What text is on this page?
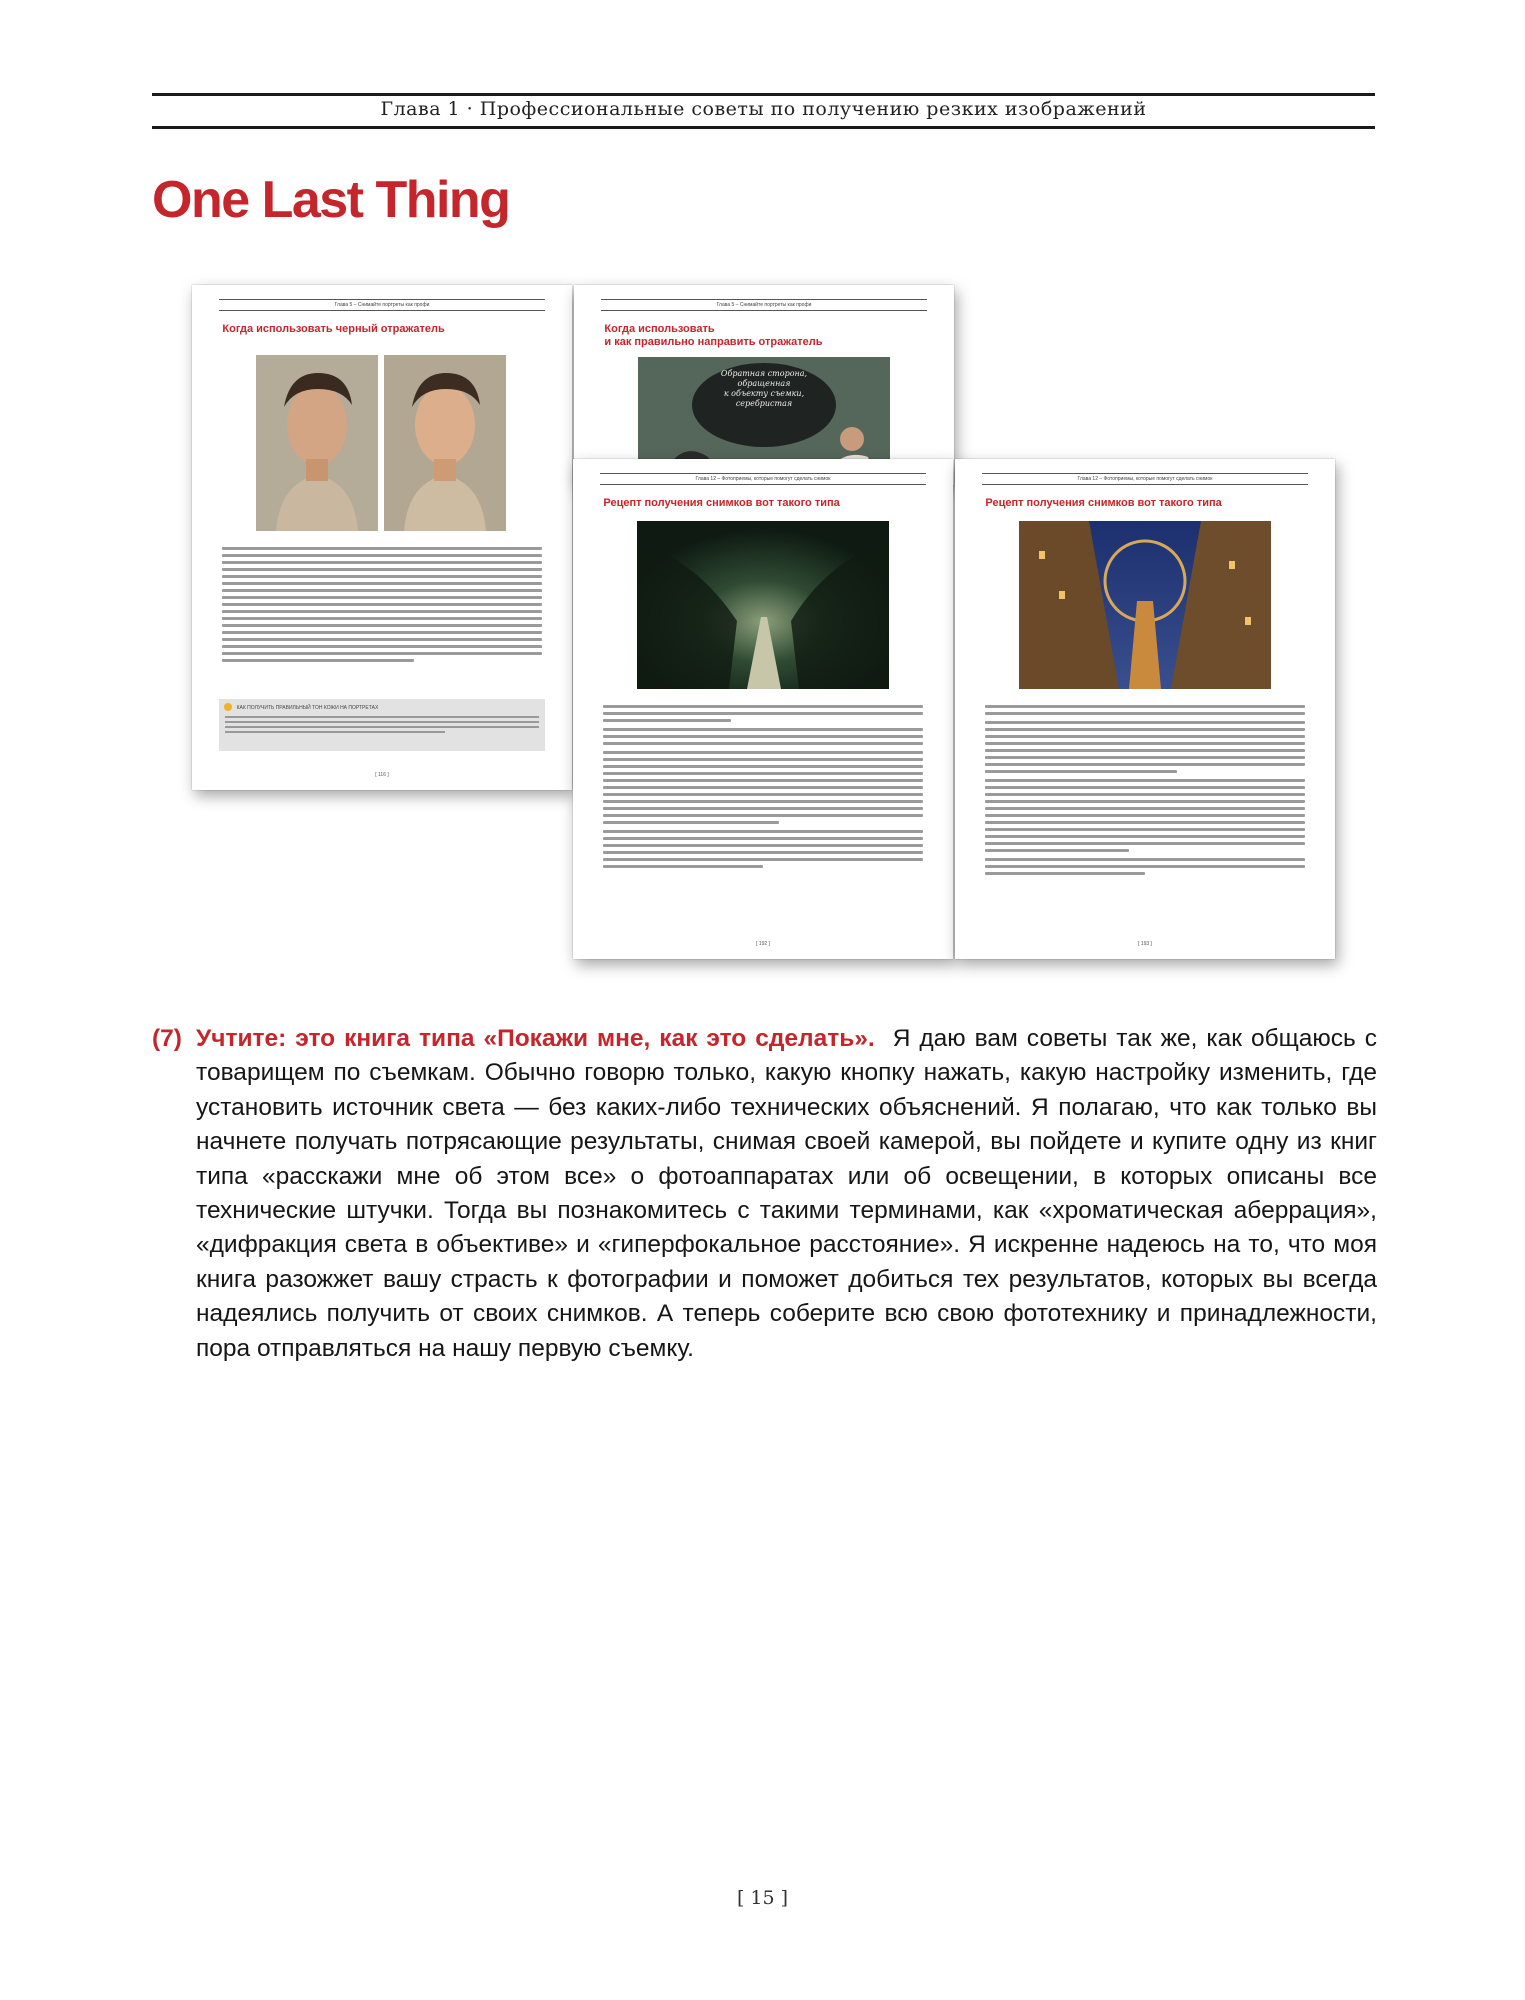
Глава 1 · Профессиональные советы по получению резких изображений
One Last Thing
Глава 5 – Снимайте портреты как профи
Когда использовать черный отражатель
КАК ПОЛУЧИТЬ ПРАВИЛЬНЫЙ ТОН КОЖИ НА ПОРТРЕТАХ
[ 116 ]
Глава 5 – Снимайте портреты как профи
Когда использовать
и как правильно направить отражатель
Обратная сторона,
обращенная
к объекту съемки,
серебристая
Глава 12 – Фотоприемы, которые помогут сделать снимок
Рецепт получения снимков вот такого типа
[ 192 ]
Глава 12 – Фотоприемы, которые помогут сделать снимок
Рецепт получения снимков вот такого типа
[ 193 ]
(7) Учтите: это книга типа «Покажи мне, как это сделать». Я даю вам советы так же, как общаюсь с товарищем по съемкам. Обычно говорю только, какую кнопку нажать, какую настройку изменить, где установить источник света — без каких-либо технических объяснений. Я полагаю, что как только вы начнете получать потрясающие результаты, снимая своей камерой, вы пойдете и купите одну из книг типа «расскажи мне об этом все» о фотоаппаратах или об освещении, в которых описаны все технические штучки. Тогда вы познакомитесь с такими терминами, как «хроматическая аберрация», «дифракция света в объективе» и «гиперфокальное расстояние». Я искренне надеюсь на то, что моя книга разожжет вашу страсть к фотографии и поможет добиться тех результатов, которых вы всегда надеялись получить от своих снимков. А теперь соберите всю свою фототехнику и принадлежности, пора отправляться на нашу первую съемку.
[ 15 ]
